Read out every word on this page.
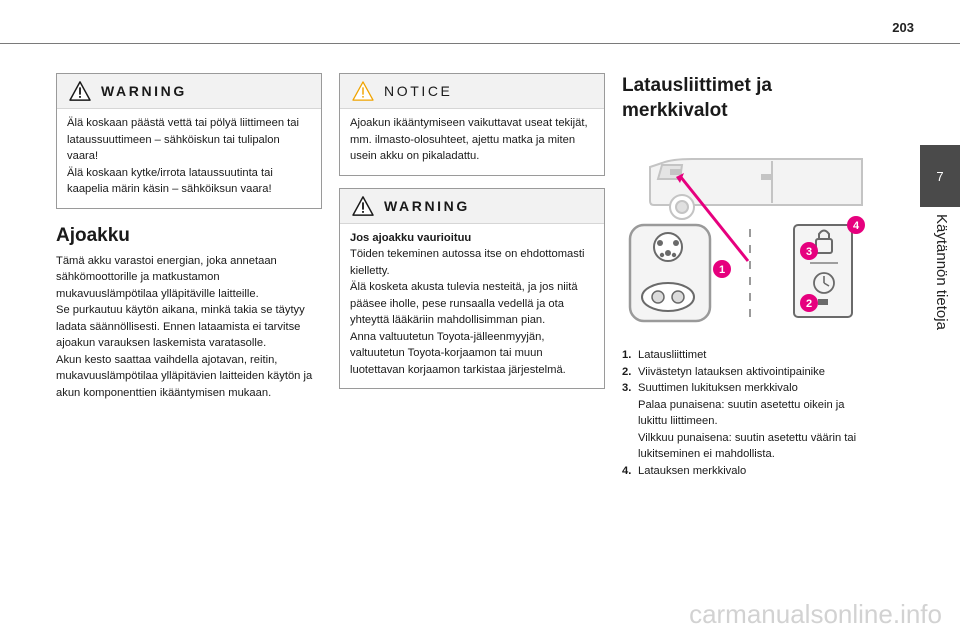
203
7
Käytännön tietoja
WARNING

Älä koskaan päästä vettä tai pölyä liittimeen tai lataussuuttimeen – sähköiskun tai tulipalon vaara!

Älä koskaan kytke/irrota lataussuutinta tai kaapelia märin käsin – sähköiksun vaara!

Ajoakku

Tämä akku varastoi energian, joka annetaan sähkömoottorille ja matkustamon mukavuuslämpötilaa ylläpitäville laitteille.

Se purkautuu käytön aikana, minkä takia se täytyy ladata säännöllisesti. Ennen lataamista ei tarvitse ajoakun varauksen laskemista varatasolle.

Akun kesto saattaa vaihdella ajotavan, reitin, mukavuuslämpötilaa ylläpitävien laitteiden käytön ja akun komponenttien ikääntymisen mukaan.

NOTICE

Ajoakun ikääntymiseen vaikuttavat useat tekijät, mm. ilmasto-olosuhteet, ajettu matka ja miten usein akku on pikaladattu.

WARNING

Jos ajoakku vaurioituu

Töiden tekeminen autossa itse on ehdottomasti kielletty.

Älä kosketa akusta tulevia nesteitä, ja jos niitä pääsee iholle, pese runsaalla vedellä ja ota yhteyttä lääkäriin mahdollisimman pian.

Anna valtuutetun Toyota-jälleenmyyjän, valtuutetun Toyota-korjaamon tai muun luotettavan korjaamon tarkistaa järjestelmä.

Latausliittimet ja merkkivalot
1
2
3
4
1. Latausliittimet

2. Viivästetyn latauksen aktivointipainike

3. Suuttimen lukituksen merkkivalo

Palaa punaisena: suutin asetettu oikein ja lukittu liittimeen.

Vilkkuu punaisena: suutin asetettu väärin tai lukitseminen ei mahdollista.

4. Latauksen merkkivalo

carmanualsonline.info
